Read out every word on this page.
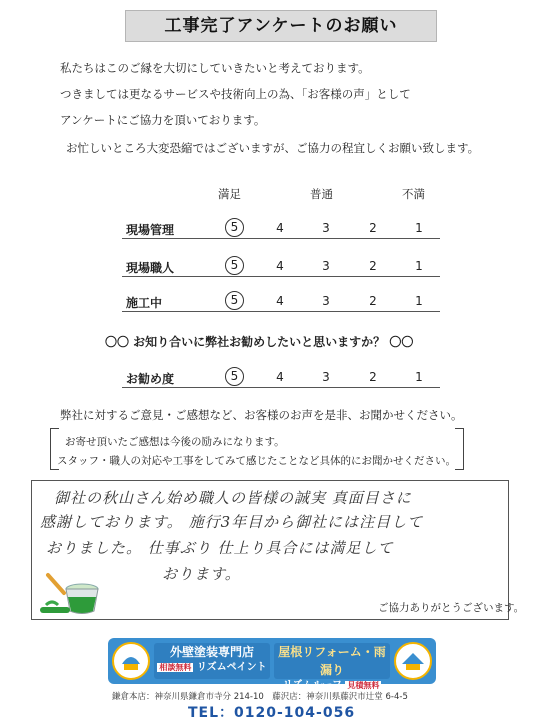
工事完了アンケートのお願い
私たちはこのご縁を大切にしていきたいと考えております。
つきましては更なるサービスや技術向上の為、「お客様の声」として
アンケートにご協力を頂いております。
お忙しいところ大変恐縮ではございますが、ご協力の程宜しくお願い致します。
満足	普通	不満
現場管理	5	4	3	2	1
現場職人	5	4	3	2	1
施工中	5	4	3	2	1
〇〇 お知り合いに弊社お勧めしたいと思いますか？ 〇〇
お勧め度	5	4	3	2	1
弊社に対するご意見・ご感想など、お客様のお声を是非、お聞かせください。
お寄せ頂いたご感想は今後の励みになります。
スタッフ・職人の対応や工事をしてみて感じたことなど具体的にお聞かせください。
御社の秋山さん始め職人の皆様の誠実 真面目さに
感謝しております。 施行3年目から御社には注目して
おりました。 仕事ぶり 仕上り具合には満足して
おります。
ご協力ありがとうございます。
外壁塗装専門店
相談無料 リズムペイント
屋根リフォーム・雨漏り
リズムルーフ 見積無料
鎌倉本店：神奈川県鎌倉市寺分 214-10　藤沢店：神奈川県藤沢市辻堂 6-4-5
TEL：0120-104-056
